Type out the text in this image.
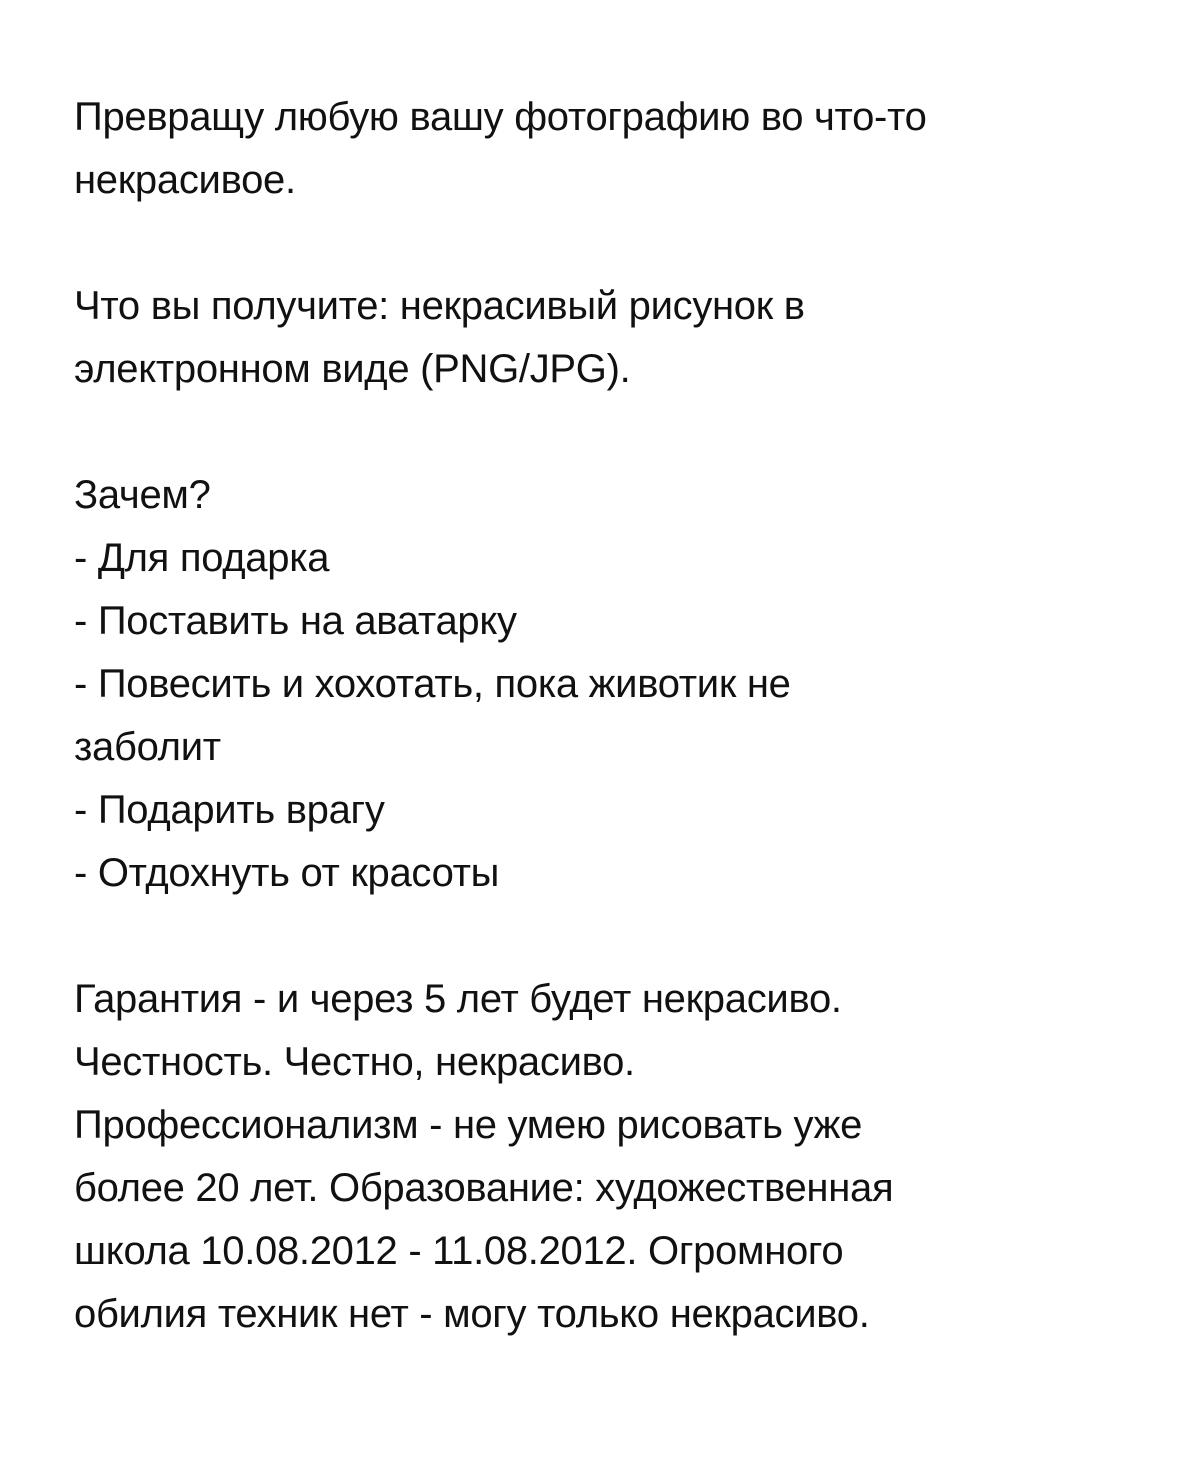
Превращу любую вашу фотографию во что-то
некрасивое.
Что вы получите: некрасивый рисунок в
электронном виде (PNG/JPG).
Зачем?
- Для подарка
- Поставить на аватарку
- Повесить и хохотать, пока животик не
заболит
- Подарить врагу
- Отдохнуть от красоты
Гарантия - и через 5 лет будет некрасиво.
Честность. Честно, некрасиво.
Профессионализм - не умею рисовать уже
более 20 лет. Образование: художественная
школа 10.08.2012 - 11.08.2012. Огромного
обилия техник нет - могу только некрасиво.
